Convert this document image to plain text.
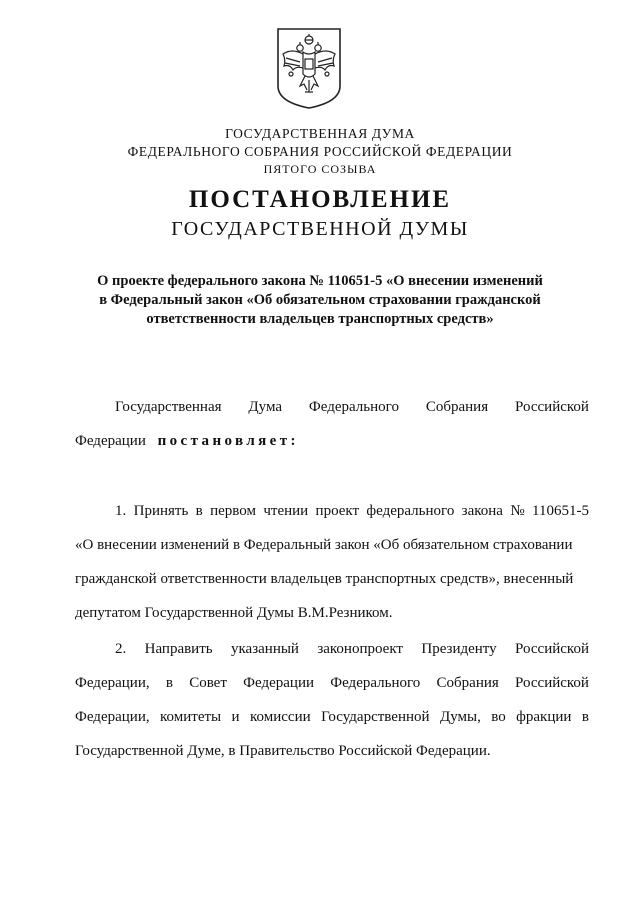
ГОСУДАРСТВЕННАЯ ДУМА
ФЕДЕРАЛЬНОГО СОБРАНИЯ РОССИЙСКОЙ ФЕДЕРАЦИИ
ПЯТОГО СОЗЫВА
ПОСТАНОВЛЕНИЕ
ГОСУДАРСТВЕННОЙ ДУМЫ
О проекте федерального закона № 110651-5 «О внесении изменений
в Федеральный закон «Об обязательном страховании гражданской
ответственности владельцев транспортных средств»
Государственная Дума Федерального Собрания Российской
Федерации постановляет:
1. Принять в первом чтении проект федерального закона № 110651-5
«О внесении изменений в Федеральный закон «Об обязательном страховании
гражданской ответственности владельцев транспортных средств», внесенный
депутатом Государственной Думы В.М.Резником.
2. Направить указанный законопроект Президенту Российской
Федерации, в Совет Федерации Федерального Собрания Российской
Федерации, комитеты и комиссии Государственной Думы, во фракции в
Государственной Думе, в Правительство Российской Федерации.
